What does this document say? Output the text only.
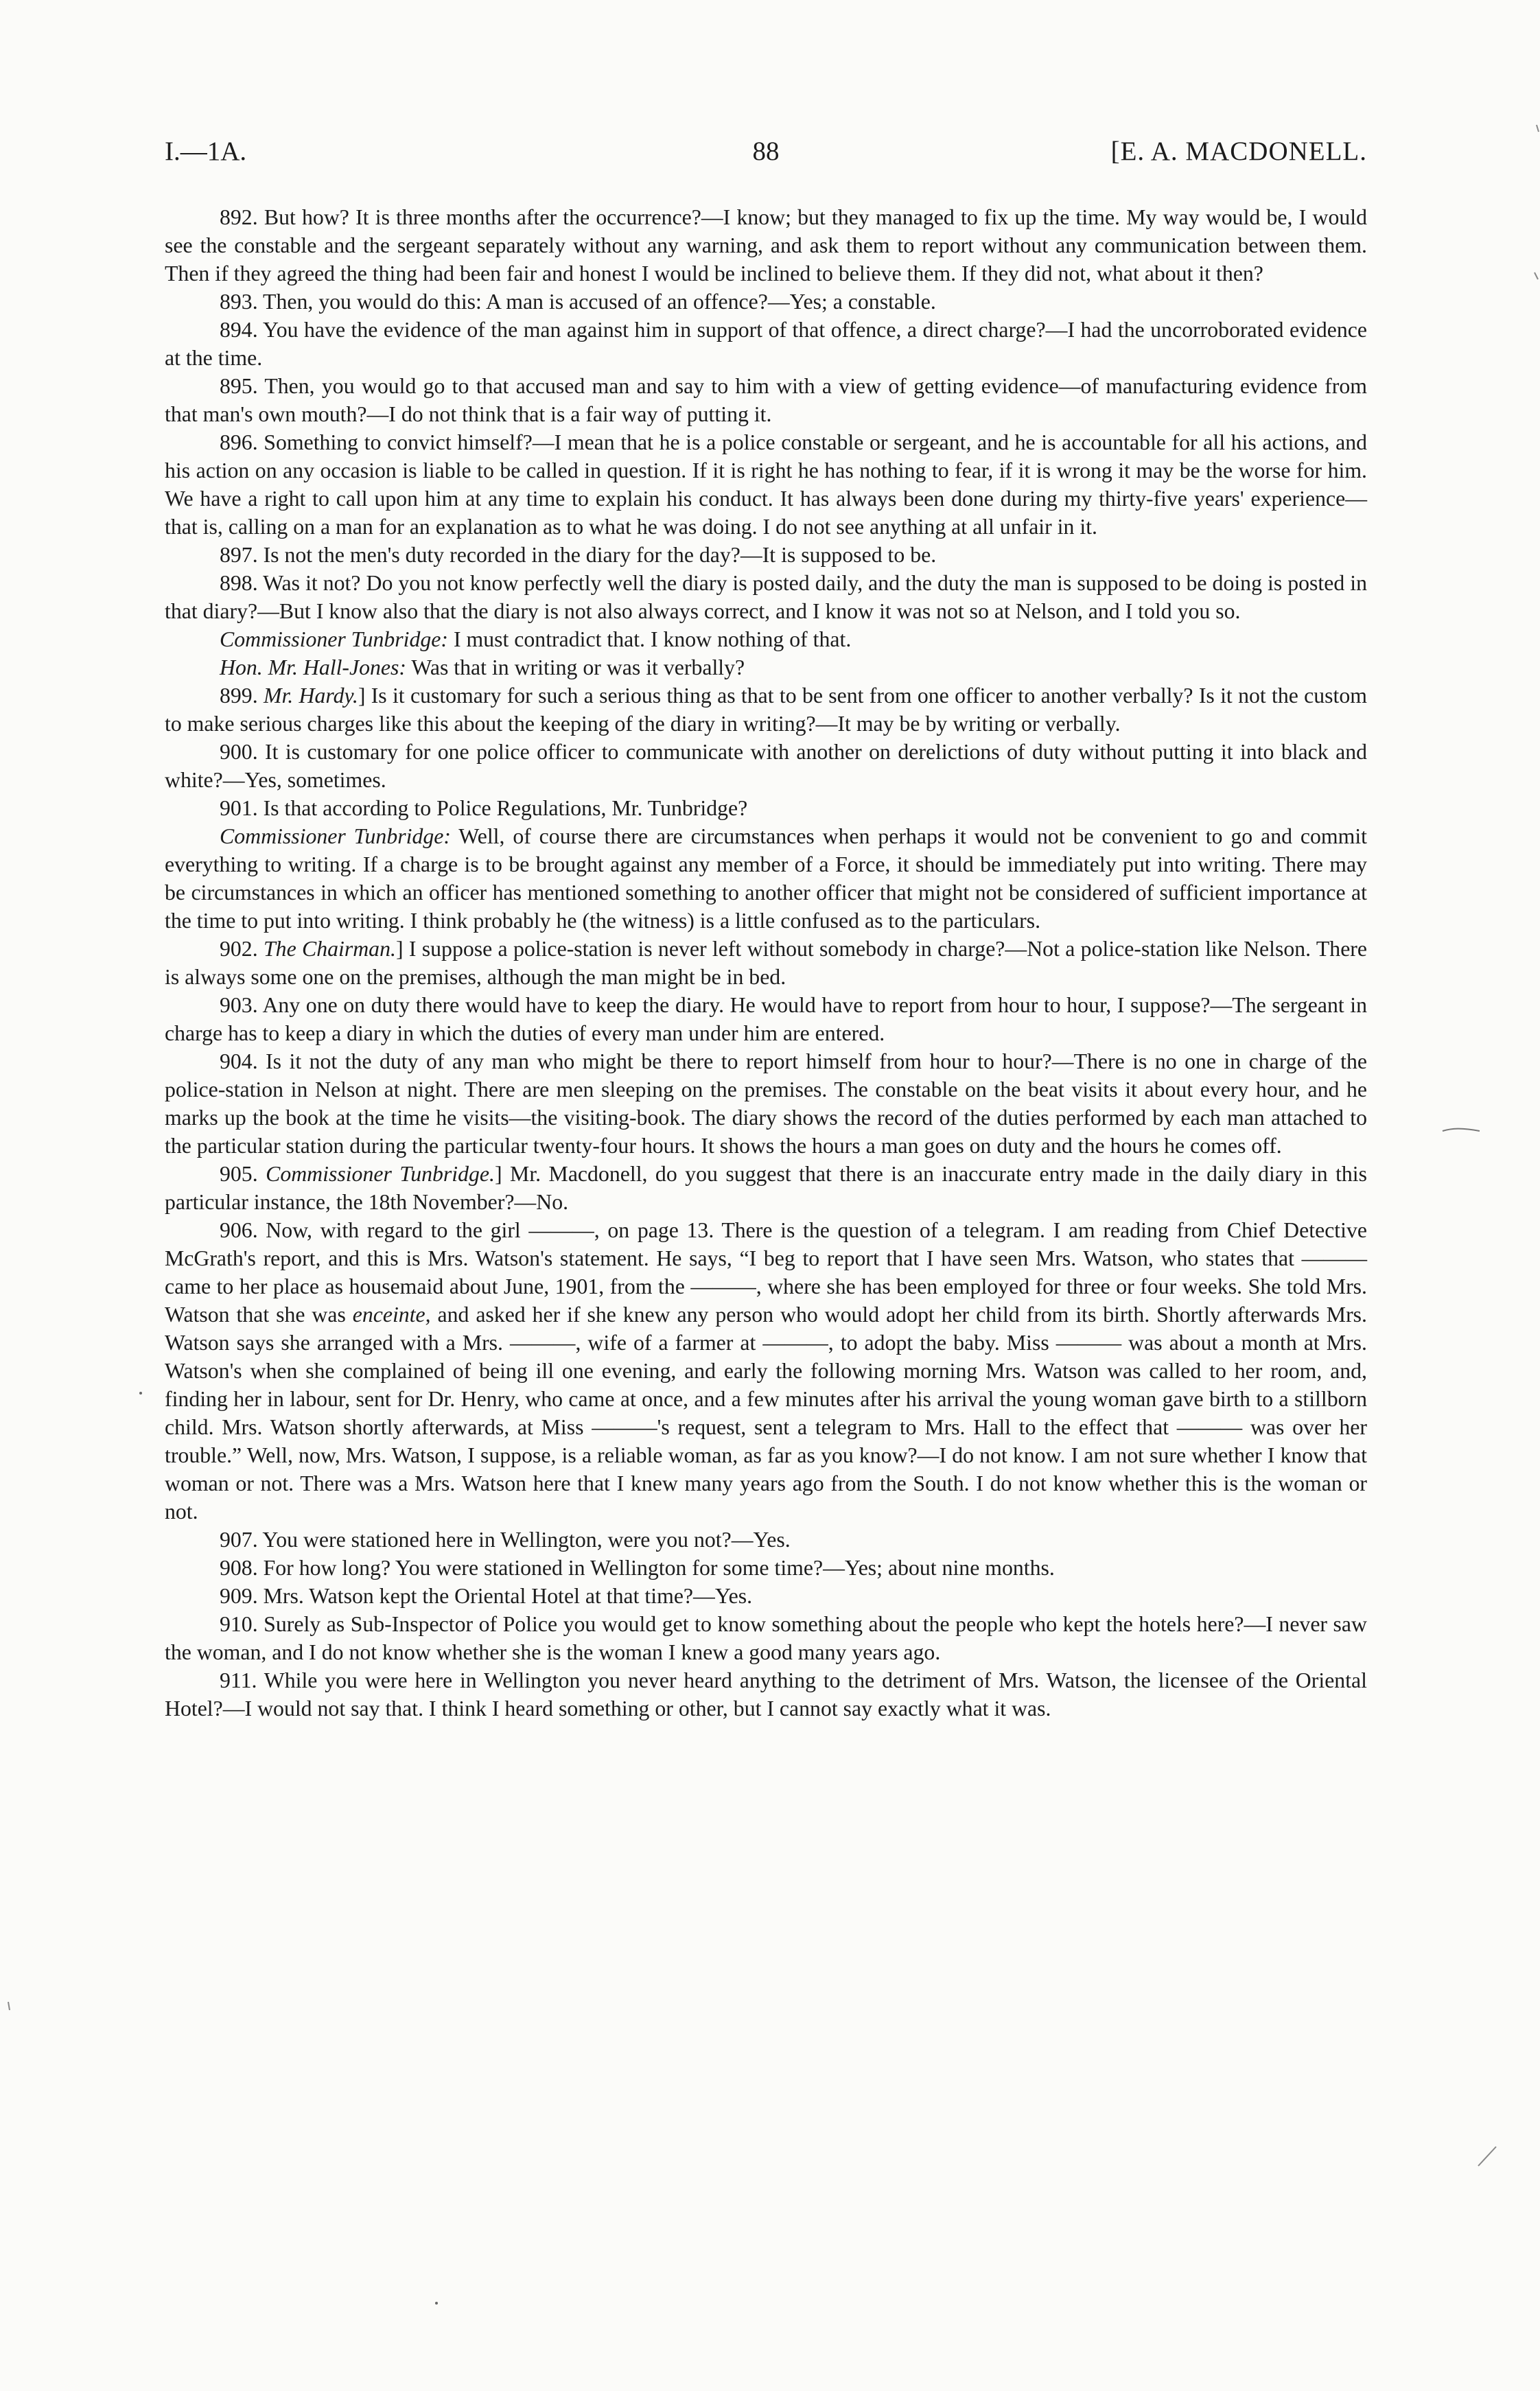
I.—1A.	88	[E. A. MACDONELL.

892. But how? It is three months after the occurrence?—I know; but they managed to fix up the time. My way would be, I would see the constable and the sergeant separately without any warning, and ask them to report without any communication between them. Then if they agreed the thing had been fair and honest I would be inclined to believe them. If they did not, what about it then?

893. Then, you would do this: A man is accused of an offence?—Yes; a constable.

894. You have the evidence of the man against him in support of that offence, a direct charge?—I had the uncorroborated evidence at the time.

895. Then, you would go to that accused man and say to him with a view of getting evidence—of manufacturing evidence from that man's own mouth?—I do not think that is a fair way of putting it.

896. Something to convict himself?—I mean that he is a police constable or sergeant, and he is accountable for all his actions, and his action on any occasion is liable to be called in question. If it is right he has nothing to fear, if it is wrong it may be the worse for him. We have a right to call upon him at any time to explain his conduct. It has always been done during my thirty-five years' experience—that is, calling on a man for an explanation as to what he was doing. I do not see anything at all unfair in it.

897. Is not the men's duty recorded in the diary for the day?—It is supposed to be.

898. Was it not? Do you not know perfectly well the diary is posted daily, and the duty the man is supposed to be doing is posted in that diary?—But I know also that the diary is not also always correct, and I know it was not so at Nelson, and I told you so.

Commissioner Tunbridge: I must contradict that. I know nothing of that.

Hon. Mr. Hall-Jones: Was that in writing or was it verbally?

899. Mr. Hardy.] Is it customary for such a serious thing as that to be sent from one officer to another verbally? Is it not the custom to make serious charges like this about the keeping of the diary in writing?—It may be by writing or verbally.

900. It is customary for one police officer to communicate with another on derelictions of duty without putting it into black and white?—Yes, sometimes.

901. Is that according to Police Regulations, Mr. Tunbridge?

Commissioner Tunbridge: Well, of course there are circumstances when perhaps it would not be convenient to go and commit everything to writing. If a charge is to be brought against any member of a Force, it should be immediately put into writing. There may be circumstances in which an officer has mentioned something to another officer that might not be considered of sufficient importance at the time to put into writing. I think probably he (the witness) is a little confused as to the particulars.

902. The Chairman.] I suppose a police-station is never left without somebody in charge?—Not a police-station like Nelson. There is always some one on the premises, although the man might be in bed.

903. Any one on duty there would have to keep the diary. He would have to report from hour to hour, I suppose?—The sergeant in charge has to keep a diary in which the duties of every man under him are entered.

904. Is it not the duty of any man who might be there to report himself from hour to hour?—There is no one in charge of the police-station in Nelson at night. There are men sleeping on the premises. The constable on the beat visits it about every hour, and he marks up the book at the time he visits—the visiting-book. The diary shows the record of the duties performed by each man attached to the particular station during the particular twenty-four hours. It shows the hours a man goes on duty and the hours he comes off.

905. Commissioner Tunbridge.] Mr. Macdonell, do you suggest that there is an inaccurate entry made in the daily diary in this particular instance, the 18th November?—No.

906. Now, with regard to the girl ———, on page 13. There is the question of a telegram. I am reading from Chief Detective McGrath's report, and this is Mrs. Watson's statement. He says, “I beg to report that I have seen Mrs. Watson, who states that ——— came to her place as housemaid about June, 1901, from the ———, where she has been employed for three or four weeks. She told Mrs. Watson that she was enceinte, and asked her if she knew any person who would adopt her child from its birth. Shortly afterwards Mrs. Watson says she arranged with a Mrs. ———, wife of a farmer at ———, to adopt the baby. Miss ——— was about a month at Mrs. Watson's when she complained of being ill one evening, and early the following morning Mrs. Watson was called to her room, and, finding her in labour, sent for Dr. Henry, who came at once, and a few minutes after his arrival the young woman gave birth to a stillborn child. Mrs. Watson shortly afterwards, at Miss ———'s request, sent a telegram to Mrs. Hall to the effect that ——— was over her trouble.” Well, now, Mrs. Watson, I suppose, is a reliable woman, as far as you know?—I do not know. I am not sure whether I know that woman or not. There was a Mrs. Watson here that I knew many years ago from the South. I do not know whether this is the woman or not.

907. You were stationed here in Wellington, were you not?—Yes.

908. For how long? You were stationed in Wellington for some time?—Yes; about nine months.

909. Mrs. Watson kept the Oriental Hotel at that time?—Yes.

910. Surely as Sub-Inspector of Police you would get to know something about the people who kept the hotels here?—I never saw the woman, and I do not know whether she is the woman I knew a good many years ago.

911. While you were here in Wellington you never heard anything to the detriment of Mrs. Watson, the licensee of the Oriental Hotel?—I would not say that. I think I heard something or other, but I cannot say exactly what it was.
